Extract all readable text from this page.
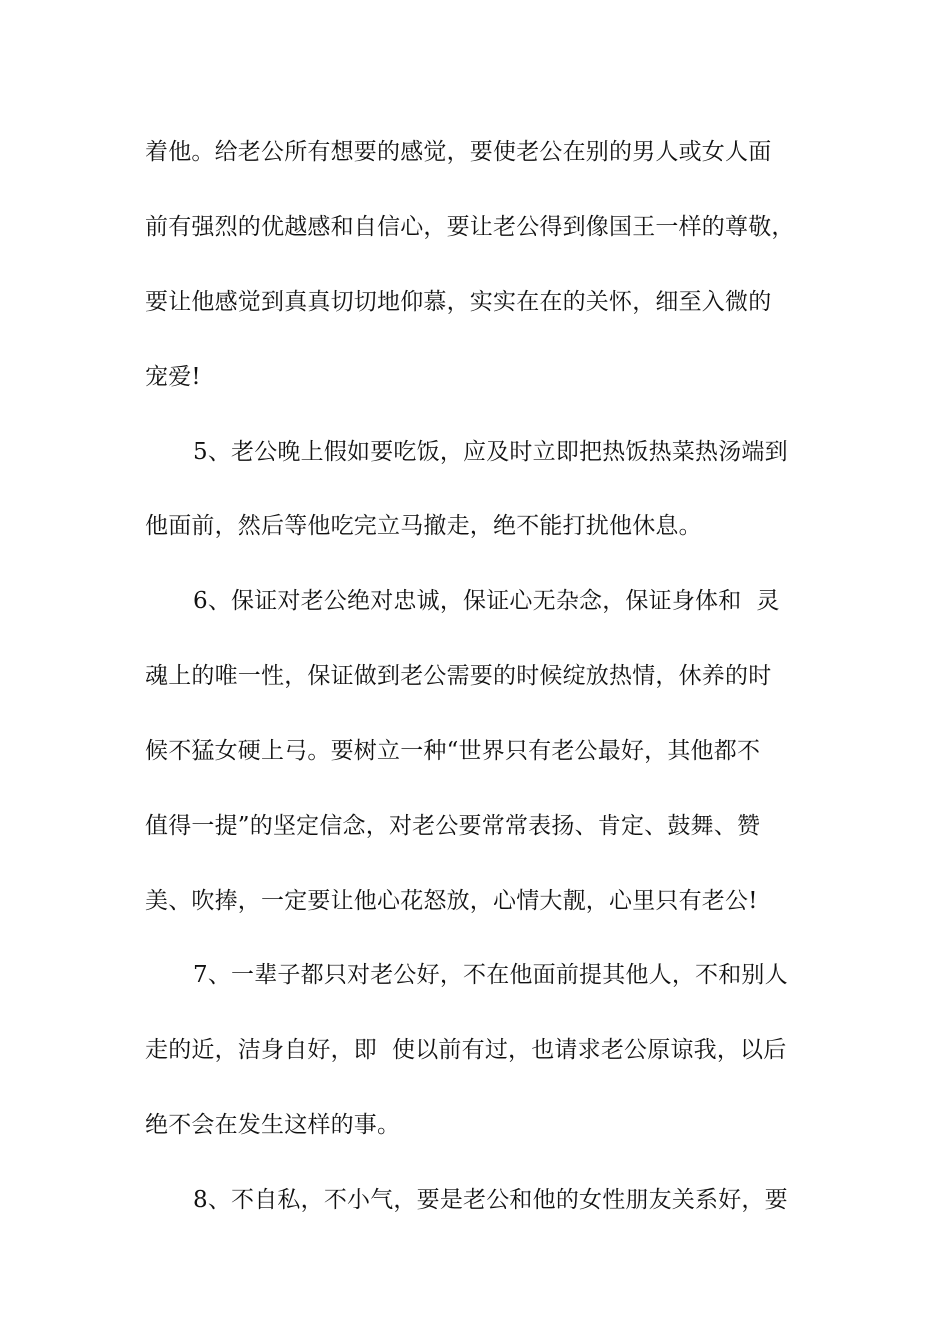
着他。给老公所有想要的感觉，要使老公在别的男人或女人面
前有强烈的优越感和自信心，要让老公得到像国王一样的尊敬，
要让他感觉到真真切切地仰慕，实实在在的关怀，细至入微的
宠爱!
5、老公晚上假如要吃饭，应及时立即把热饭热菜热汤端到
他面前，然后等他吃完立马撤走，绝不能打扰他休息。
6、保证对老公绝对忠诚，保证心无杂念，保证身体和  灵
魂上的唯一性，保证做到老公需要的时候绽放热情，休养的时
候不猛女硬上弓。要树立一种“世界只有老公最好，其他都不
值得一提”的坚定信念，对老公要常常表扬、肯定、鼓舞、赞
美、吹捧，一定要让他心花怒放，心情大靓，心里只有老公!
7、一辈子都只对老公好，不在他面前提其他人，不和别人
走的近，洁身自好，即  使以前有过，也请求老公原谅我，以后
绝不会在发生这样的事。
8、不自私，不小气，要是老公和他的女性朋友关系好，要
